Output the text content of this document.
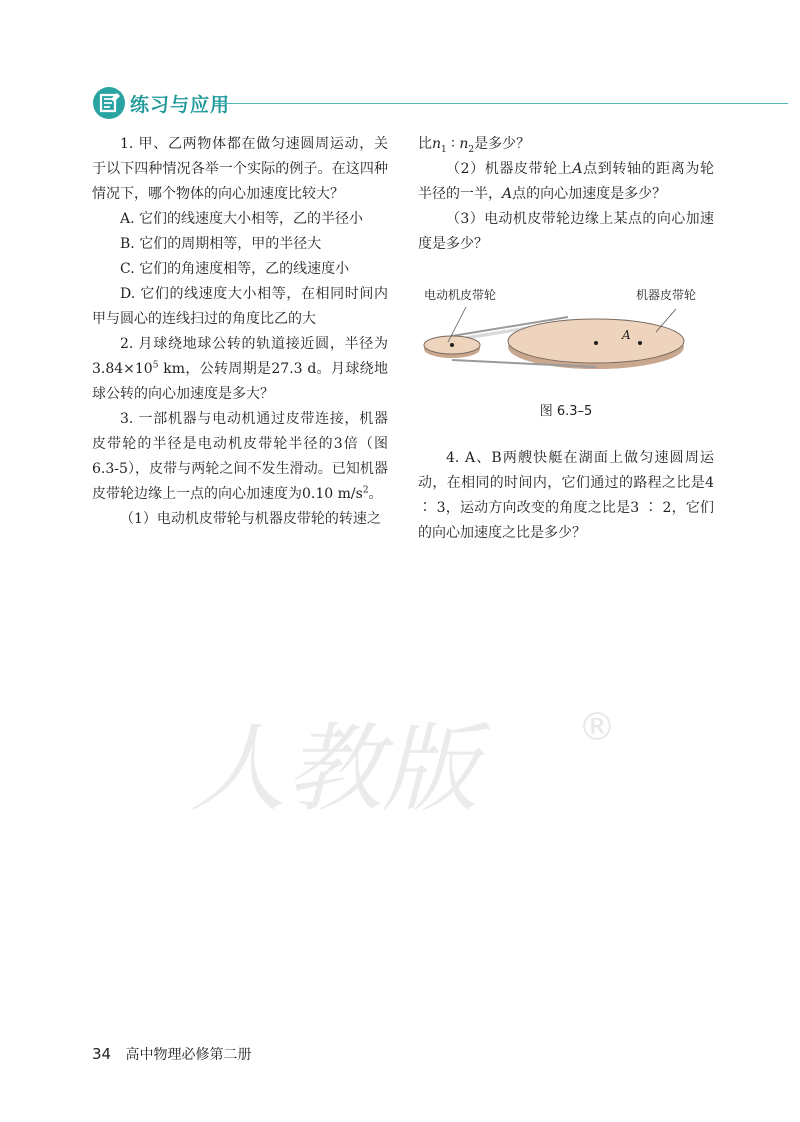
练习与应用

1. 甲、乙两物体都在做匀速圆周运动，关于以下四种情况各举一个实际的例子。在这四种情况下，哪个物体的向心加速度比较大？

A. 它们的线速度大小相等，乙的半径小

B. 它们的周期相等，甲的半径大

C. 它们的角速度相等，乙的线速度小

D. 它们的线速度大小相等，在相同时间内甲与圆心的连线扫过的角度比乙的大

2. 月球绕地球公转的轨道接近圆，半径为$3.84\times 10^5$ km，公转周期是27.3 d。月球绕地球公转的向心加速度是多大？

3. 一部机器与电动机通过皮带连接，机器皮带轮的半径是电动机皮带轮半径的3倍（图6.3-5），皮带与两轮之间不发生滑动。已知机器皮带轮边缘上一点的向心加速度为0.10 $m/s^2$。

（1）电动机皮带轮与机器皮带轮的转速之

比$n_1$ ∶ $n_2$是多少？

（2）机器皮带轮上A点到转轴的距离为轮半径的一半，A点的向心加速度是多少？

（3）电动机皮带轮边缘上某点的向心加速度是多少？

A
电动机皮带轮	机器皮带轮
图 6.3–5

4. A、B两艘快艇在湖面上做匀速圆周运动，在相同的时间内，它们通过的路程之比是4 ∶ 3，运动方向改变的角度之比是3 ∶ 2，它们的向心加速度之比是多少？

人教版	®
34 高中物理必修第二册
